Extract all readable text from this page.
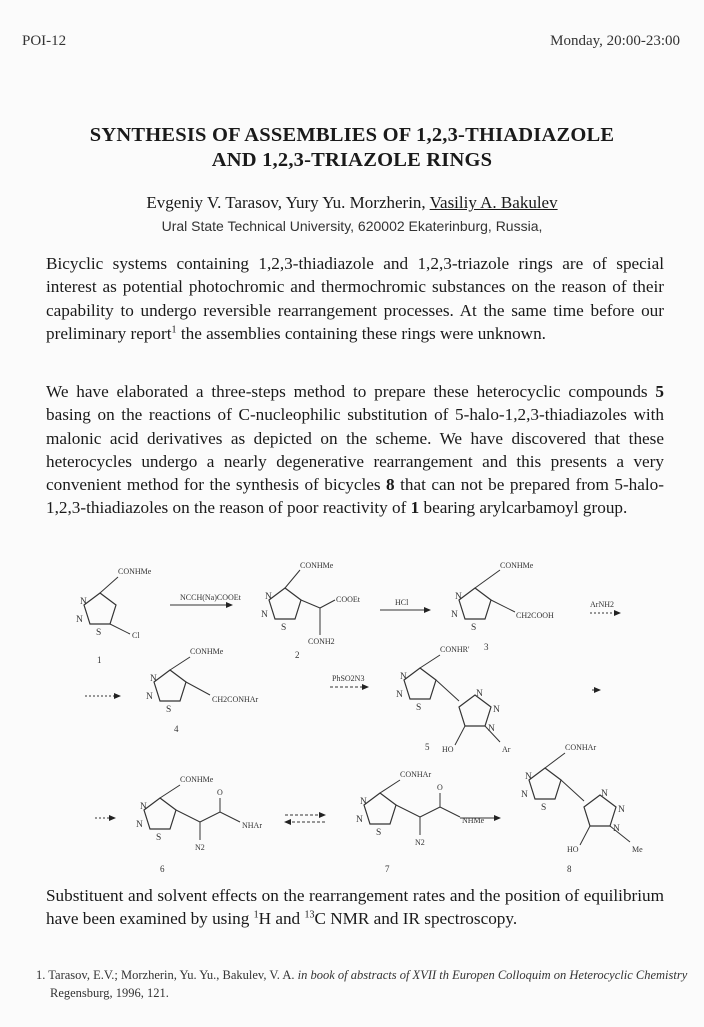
POI-12	Monday, 20:00-23:00
SYNTHESIS OF ASSEMBLIES OF 1,2,3-THIADIAZOLE
AND 1,2,3-TRIAZOLE RINGS
Evgeniy V. Tarasov, Yury Yu. Morzherin, Vasiliy A. Bakulev
Ural State Technical University, 620002 Ekaterinburg, Russia,
Bicyclic systems containing 1,2,3-thiadiazole and 1,2,3-triazole rings are of special interest as potential photochromic and thermochromic substances on the reason of their capability to undergo reversible rearrangement processes. At the same time before our preliminary report$^1$ the assemblies containing these rings were unknown.
We have elaborated a three-steps method to prepare these heterocyclic compounds 5 basing on the reactions of C-nucleophilic substitution of 5-halo-1,2,3-thiadiazoles with malonic acid derivatives as depicted on the scheme. We have discovered that these heterocycles undergo a nearly degenerative rearrangement and this presents a very convenient method for the synthesis of bicycles 8 that can not be prepared from 5-halo-1,2,3-thiadiazoles on the reason of poor reactivity of 1 bearing arylcarbamoyl group.
N
N
S
N
N
S
N
N
S
N
N
S
N
N
S
N
N
N
N
N
S
N
N
S
N
N
S
N
N
N
CONHMe
Cl
1
CONHMe
COOEt
CONH2
2
CONHMe
CH2COOH
3
CONHMe
CH2CONHAr
4
CONHR'
HO	Ar
5
CONHMe
O
NHAr
N2
6
CONHAr
O
NHMe
N2
7
CONHAr
HO	Me
8
NCCH(Na)COOEt
HCl	ArNH2
PhSO2N3
Substituent and solvent effects on the rearrangement rates and the position of equilibrium have been examined by using $^1$H and $^{13}$C NMR and IR spectroscopy.
1. Tarasov, E.V.; Morzherin, Yu. Yu., Bakulev, V. A. in book of abstracts of XVII th Europen Colloquim on Heterocyclic Chemistry Regensburg, 1996, 121.
